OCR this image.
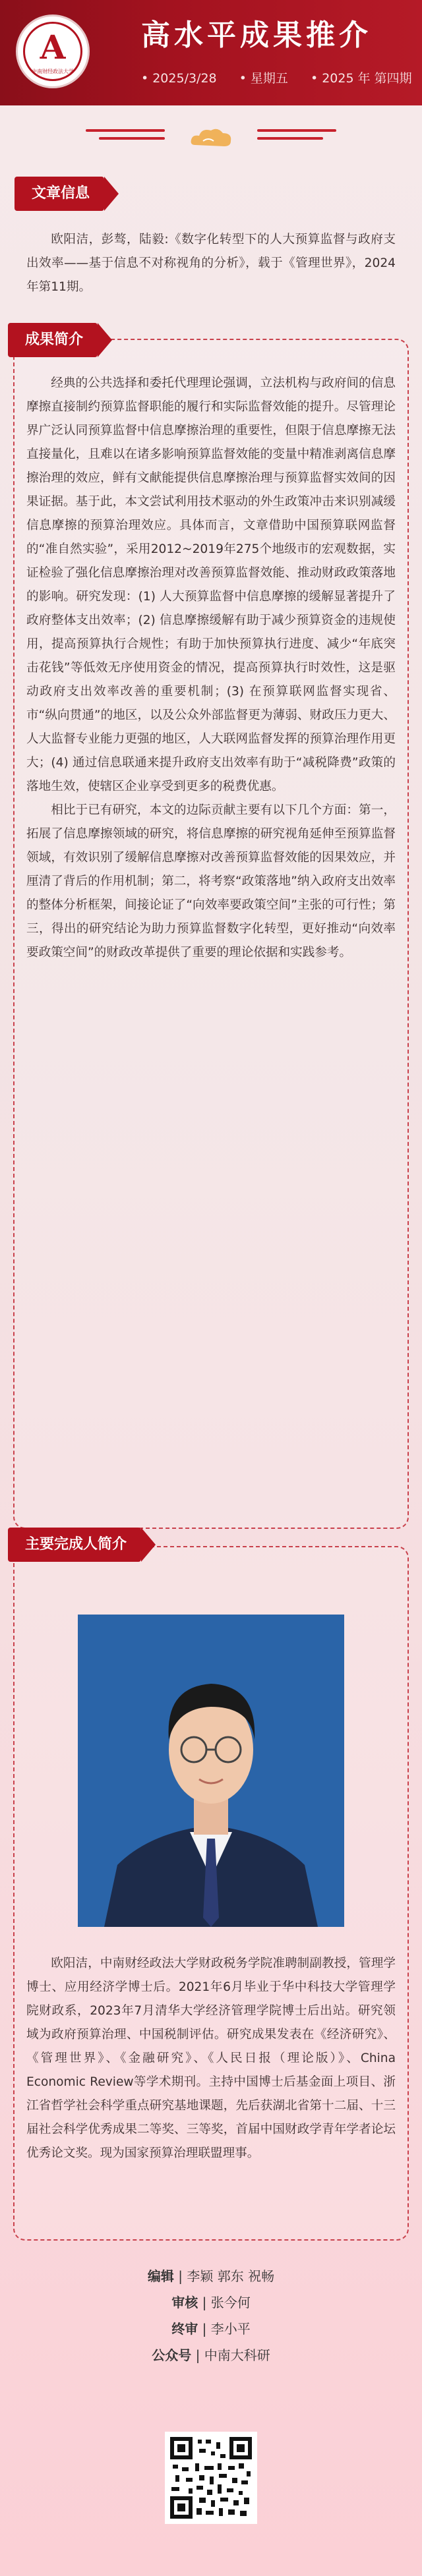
A
中南财经政法大学
高水平成果推介
• 2025/3/28	• 星期五	• 2025 年 第四期
文章信息

欧阳洁，彭骜，陆毅:《数字化转型下的人大预算监督与政府支出效率——基于信息不对称视角的分析》，载于《管理世界》，2024年第11期。

成果简介

经典的公共选择和委托代理理论强调，立法机构与政府间的信息摩擦直接制约预算监督职能的履行和实际监督效能的提升。尽管理论界广泛认同预算监督中信息摩擦治理的重要性，但限于信息摩擦无法直接量化，且难以在诸多影响预算监督效能的变量中精准剥离信息摩擦治理的效应，鲜有文献能提供信息摩擦治理与预算监督实效间的因果证据。基于此，本文尝试利用技术驱动的外生政策冲击来识别减缓信息摩擦的预算治理效应。具体而言，文章借助中国预算联网监督的“准自然实验”，采用2012~2019年275个地级市的宏观数据，实证检验了强化信息摩擦治理对改善预算监督效能、推动财政政策落地的影响。研究发现：(1) 人大预算监督中信息摩擦的缓解显著提升了政府整体支出效率；(2) 信息摩擦缓解有助于减少预算资金的违规使用，提高预算执行合规性；有助于加快预算执行进度、减少“年底突击花钱”等低效无序使用资金的情况，提高预算执行时效性，这是驱动政府支出效率改善的重要机制；(3) 在预算联网监督实现省、市“纵向贯通”的地区，以及公众外部监督更为薄弱、财政压力更大、人大监督专业能力更强的地区，人大联网监督发挥的预算治理作用更大；(4) 通过信息联通来提升政府支出效率有助于“减税降费”政策的落地生效，使辖区企业享受到更多的税费优惠。

相比于已有研究，本文的边际贡献主要有以下几个方面：第一，拓展了信息摩擦领域的研究，将信息摩擦的研究视角延伸至预算监督领域，有效识别了缓解信息摩擦对改善预算监督效能的因果效应，并厘清了背后的作用机制；第二，将考察“政策落地”纳入政府支出效率的整体分析框架，间接论证了“向效率要政策空间”主张的可行性；第三，得出的研究结论为助力预算监督数字化转型，更好推动“向效率要政策空间”的财政改革提供了重要的理论依据和实践参考。

主要完成人简介

欧阳洁，中南财经政法大学财政税务学院准聘制副教授，管理学博士、应用经济学博士后。2021年6月毕业于华中科技大学管理学院财政系，2023年7月清华大学经济管理学院博士后出站。研究领域为政府预算治理、中国税制评估。研究成果发表在《经济研究》、《管理世界》、《金融研究》、《人民日报（理论版）》、China Economic Review等学术期刊。主持中国博士后基金面上项目、浙江省哲学社会科学重点研究基地课题，先后获湖北省第十二届、十三届社会科学优秀成果二等奖、三等奖，首届中国财政学青年学者论坛优秀论文奖。现为国家预算治理联盟理事。

编辑 | 李颖 郭东 祝畅
审核 | 张今何
终审 | 李小平
公众号 | 中南大科研
